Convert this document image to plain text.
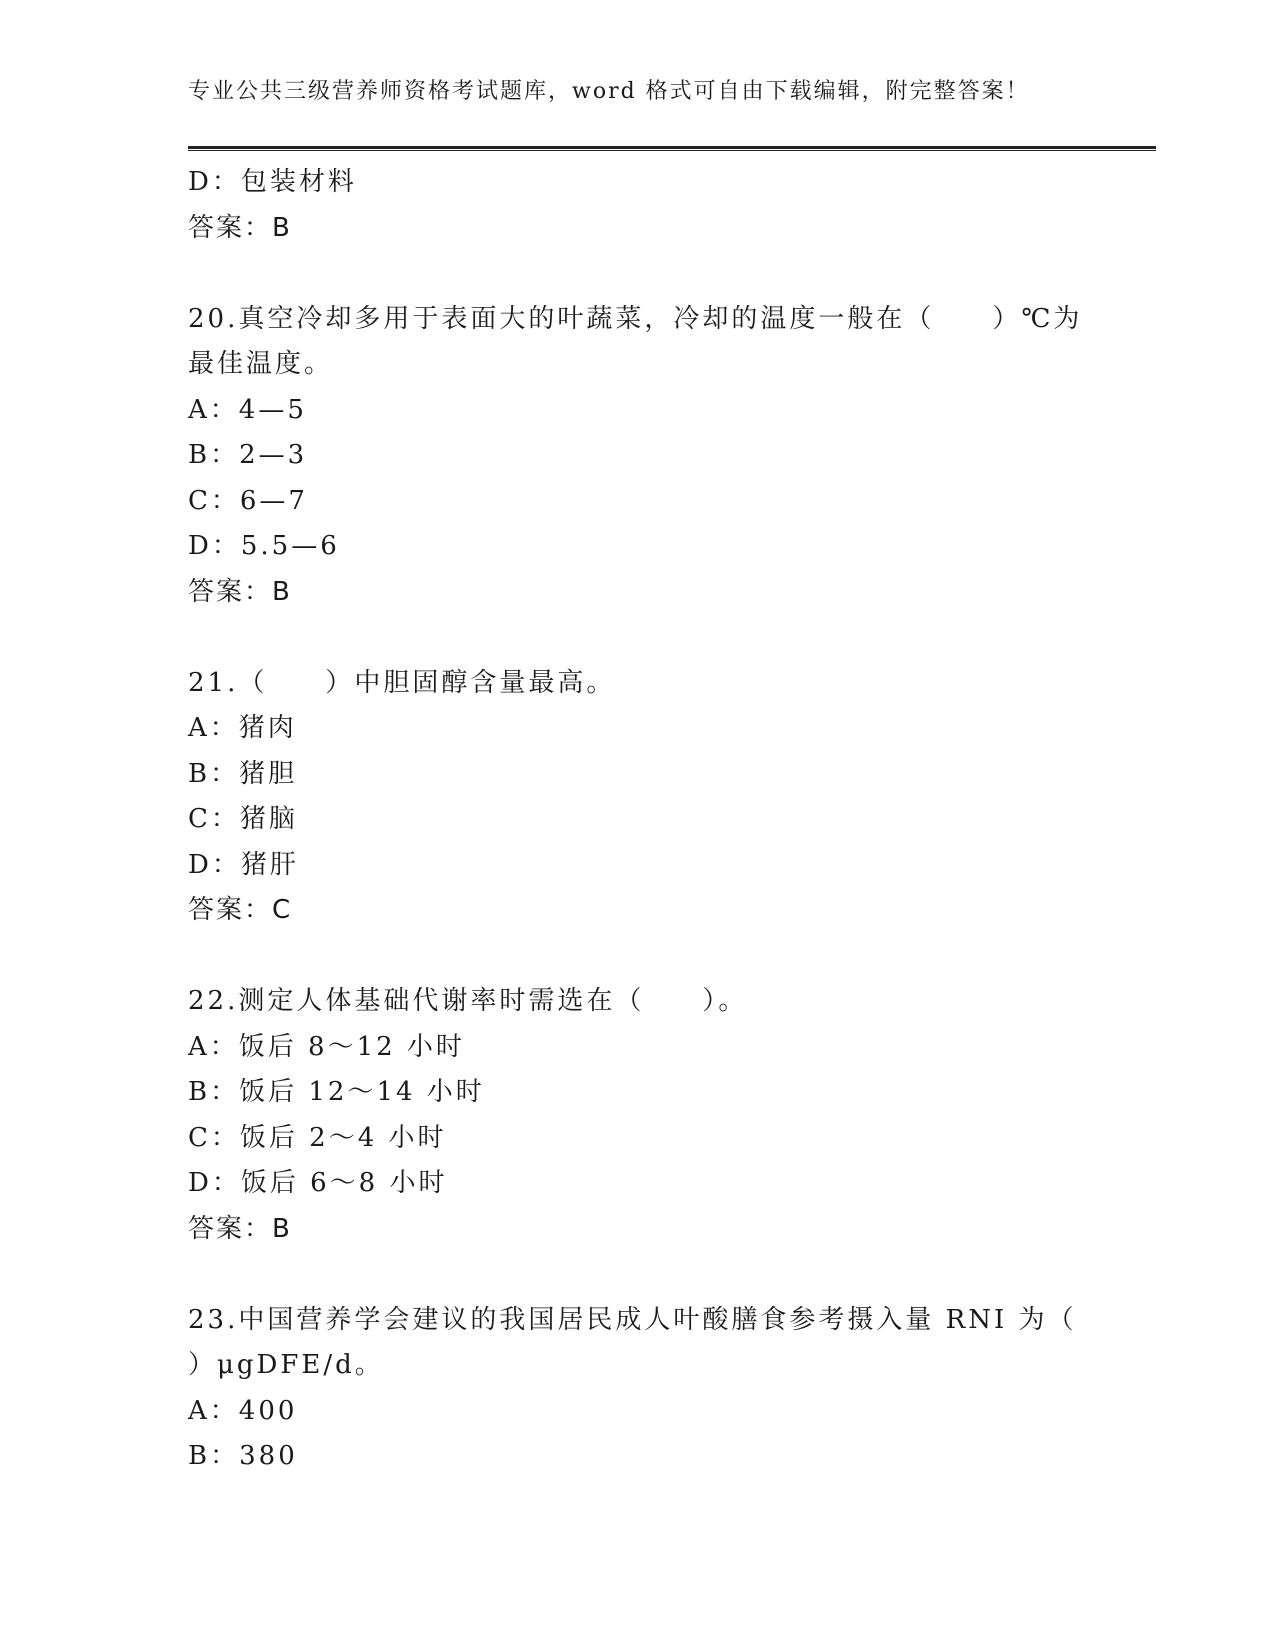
专业公共三级营养师资格考试题库，word 格式可自由下载编辑，附完整答案！
D：包装材料
答案：B
20.真空冷却多用于表面大的叶蔬菜，冷却的温度一般在（　　）℃为
最佳温度。
A：4—5
B：2—3
C：6—7
D：5.5—6
答案：B
21.（　　）中胆固醇含量最高。
A：猪肉
B：猪胆
C：猪脑
D：猪肝
答案：C
22.测定人体基础代谢率时需选在（　　）。
A：饭后 8～12 小时
B：饭后 12～14 小时
C：饭后 2～4 小时
D：饭后 6～8 小时
答案：B
23.中国营养学会建议的我国居民成人叶酸膳食参考摄入量 RNI 为（
）μgDFE/d。
A：400
B：380
